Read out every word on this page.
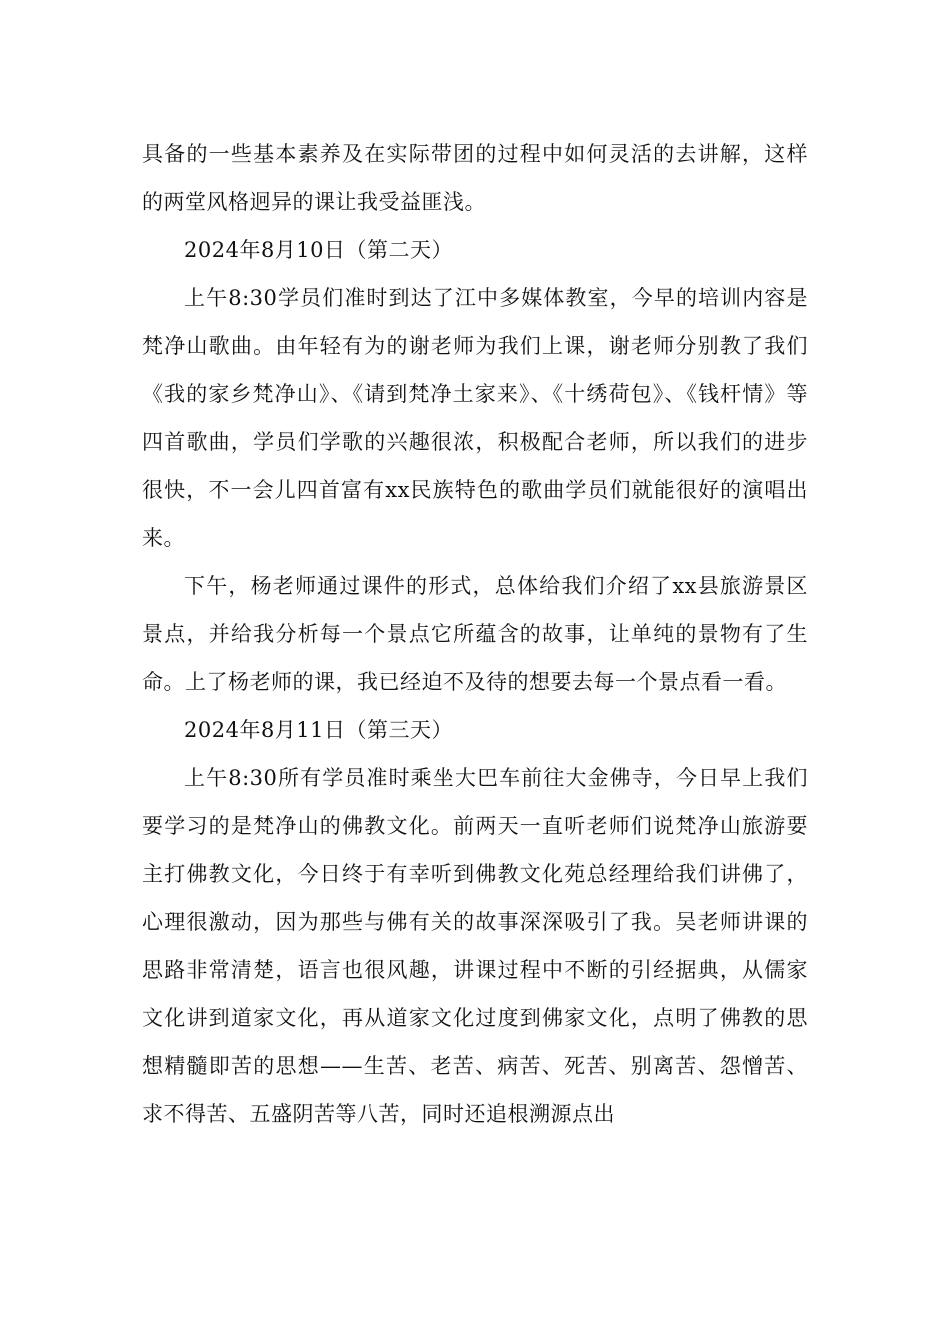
具备的一些基本素养及在实际带团的过程中如何灵活的去讲解，这样的两堂风格迥异的课让我受益匪浅。

2024年8月10日（第二天）

上午8:30学员们准时到达了江中多媒体教室，今早的培训内容是梵净山歌曲。由年轻有为的谢老师为我们上课，谢老师分别教了我们《我的家乡梵净山》、《请到梵净土家来》、《十绣荷包》、《钱杆情》等四首歌曲，学员们学歌的兴趣很浓，积极配合老师，所以我们的进步很快，不一会儿四首富有xx民族特色的歌曲学员们就能很好的演唱出来。

下午，杨老师通过课件的形式，总体给我们介绍了xx县旅游景区景点，并给我分析每一个景点它所蕴含的故事，让单纯的景物有了生命。上了杨老师的课，我已经迫不及待的想要去每一个景点看一看。

2024年8月11日（第三天）

上午8:30所有学员准时乘坐大巴车前往大金佛寺，今日早上我们要学习的是梵净山的佛教文化。前两天一直听老师们说梵净山旅游要主打佛教文化，今日终于有幸听到佛教文化苑总经理给我们讲佛了，心理很激动，因为那些与佛有关的故事深深吸引了我。吴老师讲课的思路非常清楚，语言也很风趣，讲课过程中不断的引经据典，从儒家文化讲到道家文化，再从道家文化过度到佛家文化，点明了佛教的思想精髓即苦的思想——生苦、老苦、病苦、死苦、别离苦、怨憎苦、求不得苦、五盛阴苦等八苦，同时还追根溯源点出
